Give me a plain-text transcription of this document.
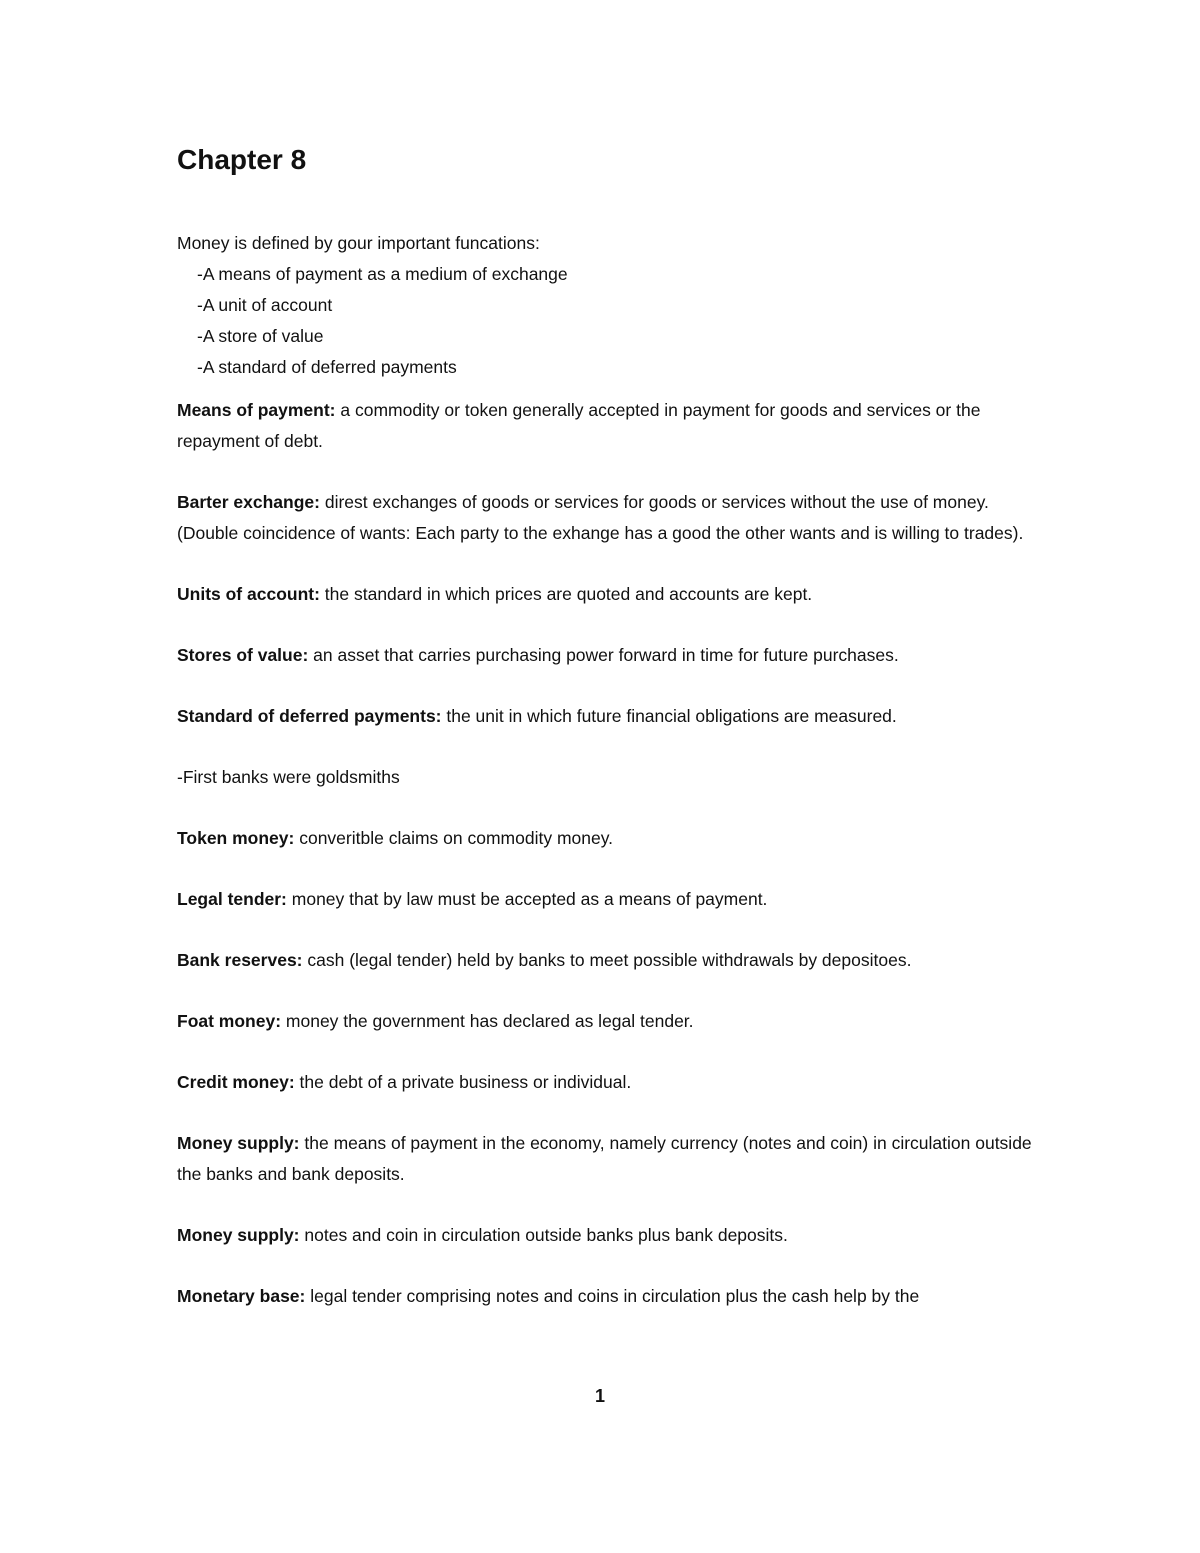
Chapter 8

Money is defined by gour important funcations:

-A means of payment as a medium of exchange
-A unit of account
-A store of value
-A standard of deferred payments

Means of payment: a commodity or token generally accepted in payment for goods and services or the repayment of debt.

Barter exchange: direst exchanges of goods or services for goods or services without the use of money. (Double coincidence of wants: Each party to the exhange has a good the other wants and is willing to trades).

Units of account: the standard in which prices are quoted and accounts are kept.

Stores of value: an asset that carries purchasing power forward in time for future purchases.

Standard of deferred payments: the unit in which future financial obligations are measured.

-First banks were goldsmiths

Token money: converitble claims on commodity money.

Legal tender: money that by law must be accepted as a means of payment.

Bank reserves: cash (legal tender) held by banks to meet possible withdrawals by depositoes.

Foat money: money the government has declared as legal tender.

Credit money: the debt of a private business or individual.

Money supply: the means of payment in the economy, namely currency (notes and coin) in circulation outside the banks and bank deposits.

Money supply: notes and coin in circulation outside banks plus bank deposits.

Monetary base: legal tender comprising notes and coins in circulation plus the cash help by the

1
